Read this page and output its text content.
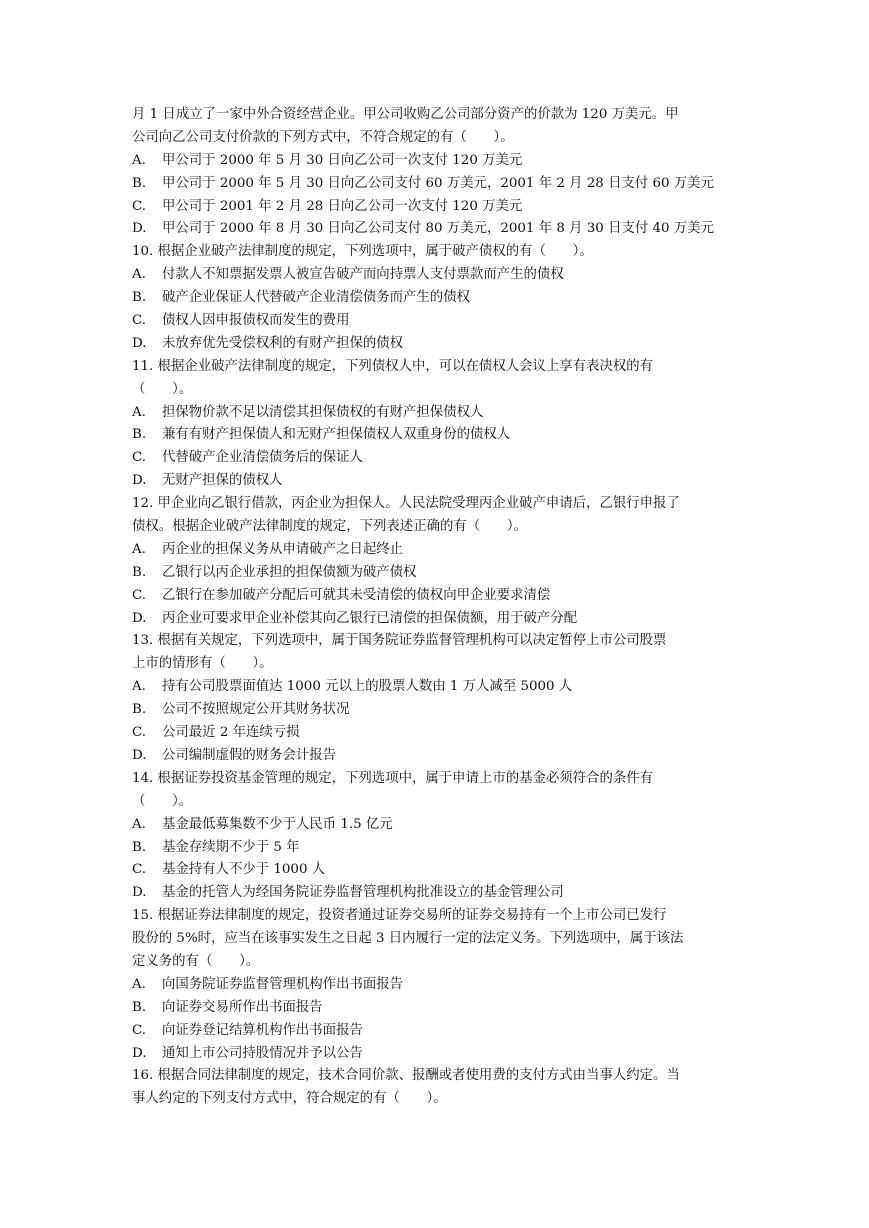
月 1 日成立了一家中外合资经营企业。甲公司收购乙公司部分资产的价款为 120 万美元。甲
公司向乙公司支付价款的下列方式中，不符合规定的有（　　）。
A.	甲公司于 2000 年 5 月 30 日向乙公司一次支付 120 万美元
B.	甲公司于 2000 年 5 月 30 日向乙公司支付 60 万美元，2001 年 2 月 28 日支付 60 万美元
C.	甲公司于 2001 年 2 月 28 日向乙公司一次支付 120 万美元
D.	甲公司于 2000 年 8 月 30 日向乙公司支付 80 万美元，2001 年 8 月 30 日支付 40 万美元
10. 根据企业破产法律制度的规定，下列选项中，属于破产债权的有（　　）。
A.	付款人不知票据发票人被宣告破产而向持票人支付票款而产生的债权
B.	破产企业保证人代替破产企业清偿债务而产生的债权
C.	债权人因申报债权而发生的费用
D.	未放弃优先受偿权利的有财产担保的债权
11. 根据企业破产法律制度的规定，下列债权人中，可以在债权人会议上享有表决权的有
（　　）。
A.	担保物价款不足以清偿其担保债权的有财产担保债权人
B.	兼有有财产担保债人和无财产担保债权人双重身份的债权人
C.	代替破产企业清偿债务后的保证人
D.	无财产担保的债权人
12. 甲企业向乙银行借款，丙企业为担保人。人民法院受理丙企业破产申请后，乙银行申报了
债权。根据企业破产法律制度的规定，下列表述正确的有（　　）。
A.	丙企业的担保义务从申请破产之日起终止
B.	乙银行以丙企业承担的担保债额为破产债权
C.	乙银行在参加破产分配后可就其未受清偿的债权向甲企业要求清偿
D.	丙企业可要求甲企业补偿其向乙银行已清偿的担保债额，用于破产分配
13. 根据有关规定，下列选项中，属于国务院证券监督管理机构可以决定暂停上市公司股票
上市的情形有（　　）。
A.	持有公司股票面值达 1000 元以上的股票人数由 1 万人减至 5000 人
B.	公司不按照规定公开其财务状况
C.	公司最近 2 年连续亏损
D.	公司编制虚假的财务会计报告
14. 根据证券投资基金管理的规定，下列选项中，属于申请上市的基金必须符合的条件有
（　　）。
A.	基金最低募集数不少于人民币 1.5 亿元
B.	基金存续期不少于 5 年
C.	基金持有人不少于 1000 人
D.	基金的托管人为经国务院证券监督管理机构批准设立的基金管理公司
15. 根据证券法律制度的规定，投资者通过证券交易所的证券交易持有一个上市公司已发行
股份的 5%时，应当在该事实发生之日起 3 日内履行一定的法定义务。下列选项中，属于该法
定义务的有（　　）。
A.	向国务院证券监督管理机构作出书面报告
B.	向证券交易所作出书面报告
C.	向证券登记结算机构作出书面报告
D.	通知上市公司持股情况并予以公告
16. 根据合同法律制度的规定，技术合同价款、报酬或者使用费的支付方式由当事人约定。当
事人约定的下列支付方式中，符合规定的有（　　）。
